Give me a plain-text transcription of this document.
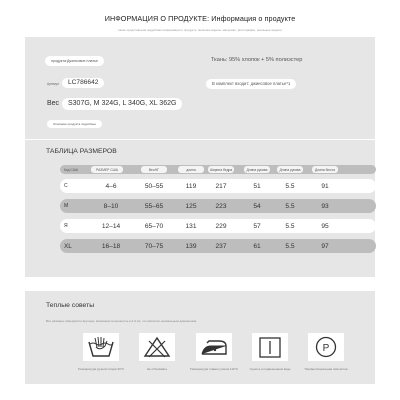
ИНФОРМАЦИЯ О ПРОДУКТЕ: Информация о продукте
Ниже представлена подробная информация о продукте, включая модель, материал, фотографии, реальные модели
продукта:Джинсовое платье	Ткань: 95% хлопок + 5% полиэстер
Артикул	LC786642	В комплект входит: джинсовое платье*1
Вес	S307G, M 324G, L 340G, XL 362G
Описание продукта подробнее
ТАБЛИЦА РАЗМЕРОВ
Код США	РАЗМЕР США	Вес/КГ	длина	Ширина бедра	Длина рукава	Длина рукава	Длина бюста
С	4–6	50–55	119	217	51	5.5	91
M	8–10	55–65	125	223	54	5.5	93
Я	12–14	65–70	131	229	57	5.5	95
XL	16–18	70–75	139	237	61	5.5	97
Теплые советы
Все размеры измеряются вручную, возможна погрешность в 2-3 см, что является нормальным диапазоном.
Температура ручной стирки 30°C	Не отбеливать	Температура глажки утюгом 110°C	Сушить в подвешенном виде
P
Профессиональная химчистка
